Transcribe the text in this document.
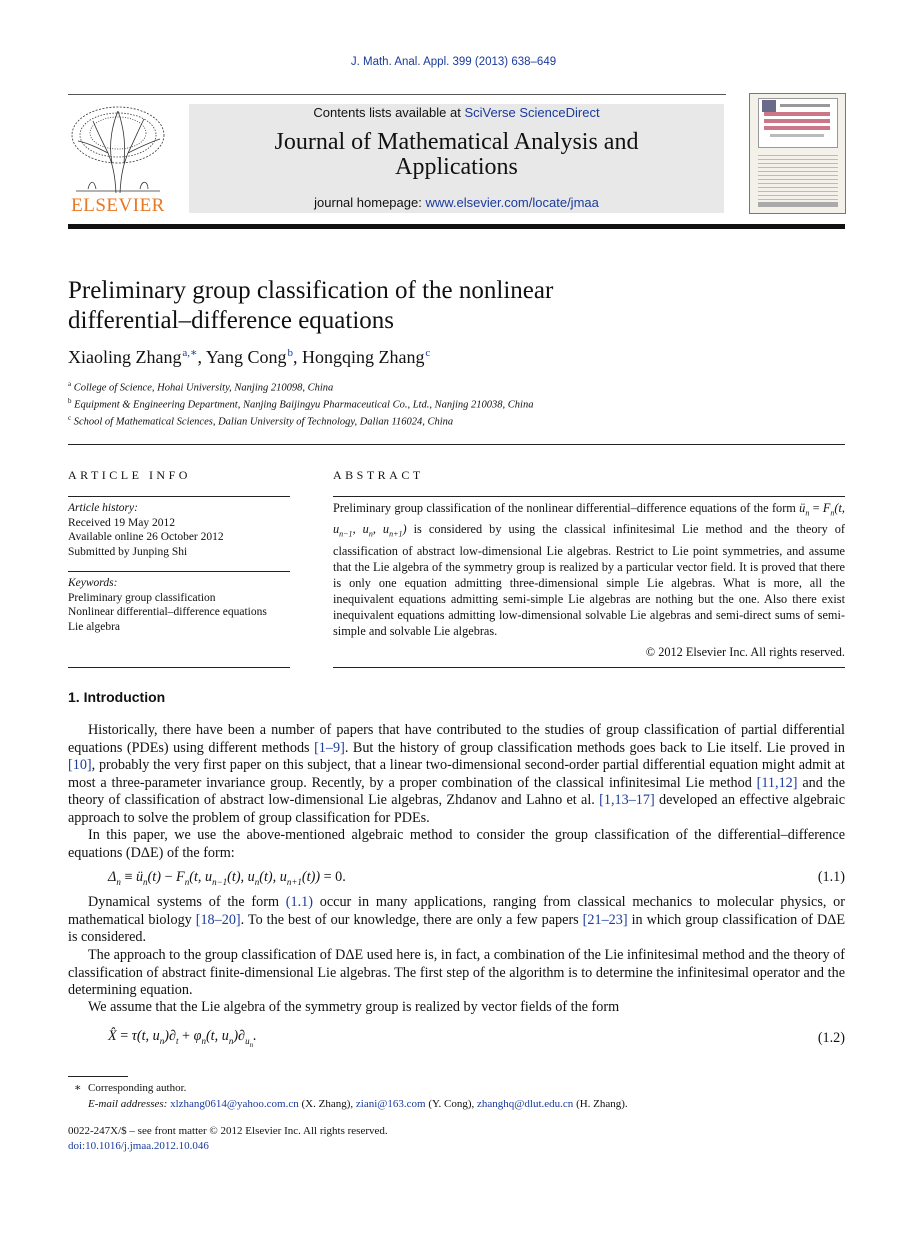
J. Math. Anal. Appl. 399 (2013) 638–649
ELSEVIER
Contents lists available at SciVerse ScienceDirect
Journal of Mathematical Analysis and
Applications
journal homepage: www.elsevier.com/locate/jmaa
Preliminary group classification of the nonlinear
differential–difference equations
Xiaoling Zhang $^{a,∗}$, Yang Cong $^b$, Hongqing Zhang $^c$
$^a$ College of Science, Hohai University, Nanjing 210098, China
$^b$ Equipment & Engineering Department, Nanjing Baijingyu Pharmaceutical Co., Ltd., Nanjing 210038, China
$^c$ School of Mathematical Sciences, Dalian University of Technology, Dalian 116024, China
ARTICLE INFO
Article history:
Received 19 May 2012
Available online 26 October 2012
Submitted by Junping Shi
Keywords:
Preliminary group classification
Nonlinear differential–difference equations
Lie algebra
ABSTRACT
Preliminary group classification of the nonlinear differential–difference equations of the form $ü_n = F_n(t$, $u_{n-1}$, $u_n$, $u_{n+1}$) is considered by using the classical infinitesimal Lie method and the theory of classification of abstract low-dimensional Lie algebras. Restrict to Lie point symmetries, and assume that the Lie algebra of the symmetry group is realized by a particular vector field. It is proved that there is only one equation admitting three-dimensional simple Lie algebras. What is more, all the inequivalent equations admitting semi-simple Lie algebras are nothing but the one. Also there exist inequivalent equations admitting low-dimensional solvable Lie algebras and semi-direct sums of semi-simple and solvable Lie algebras.
© 2012 Elsevier Inc. All rights reserved.
1. Introduction
Historically, there have been a number of papers that have contributed to the studies of group classification of partial differential equations (PDEs) using different methods [1–9]. But the history of group classification methods goes back to Lie itself. Lie proved in [10], probably the very first paper on this subject, that a linear two-dimensional second-order partial differential equation might admit at most a three-parameter invariance group. Recently, by a proper combination of the classical infinitesimal Lie method [11,12] and the theory of classification of abstract low-dimensional Lie algebras, Zhdanov and Lahno et al. [1,13–17] developed an effective algebraic approach to solve the problem of group classification for PDEs.
In this paper, we use the above-mentioned algebraic method to consider the group classification of the differential–difference equations (DΔE) of the form:
$\Delta_n$ ≡ $ü_n(t) - F_n(t$, $u_{n-1}(t)$, $u_n(t)$, $u_{n+1}(t)) = 0$.	(1.1)
Dynamical systems of the form (1.1) occur in many applications, ranging from classical mechanics to molecular physics, or mathematical biology [18–20]. To the best of our knowledge, there are only a few papers [21–23] in which group classification of DΔE is considered.
The approach to the group classification of DΔE used here is, in fact, a combination of the Lie infinitesimal method and the theory of classification of abstract finite-dimensional Lie algebras. The first step of the algorithm is to determine the infinitesimal operator and the determining equation.
We assume that the Lie algebra of the symmetry group is realized by vector fields of the form
X̂ = τ(t, $u_n)\partial_t + \varphi_n(t$, $u_n)\partial_{u_n}$.	(1.2)
∗ Corresponding author.
E-mail addresses: xlzhang0614@yahoo.com.cn (X. Zhang), ziani@163.com (Y. Cong), zhanghq@dlut.edu.cn (H. Zhang).
0022-247X/$ – see front matter © 2012 Elsevier Inc. All rights reserved.
doi:10.1016/j.jmaa.2012.10.046
